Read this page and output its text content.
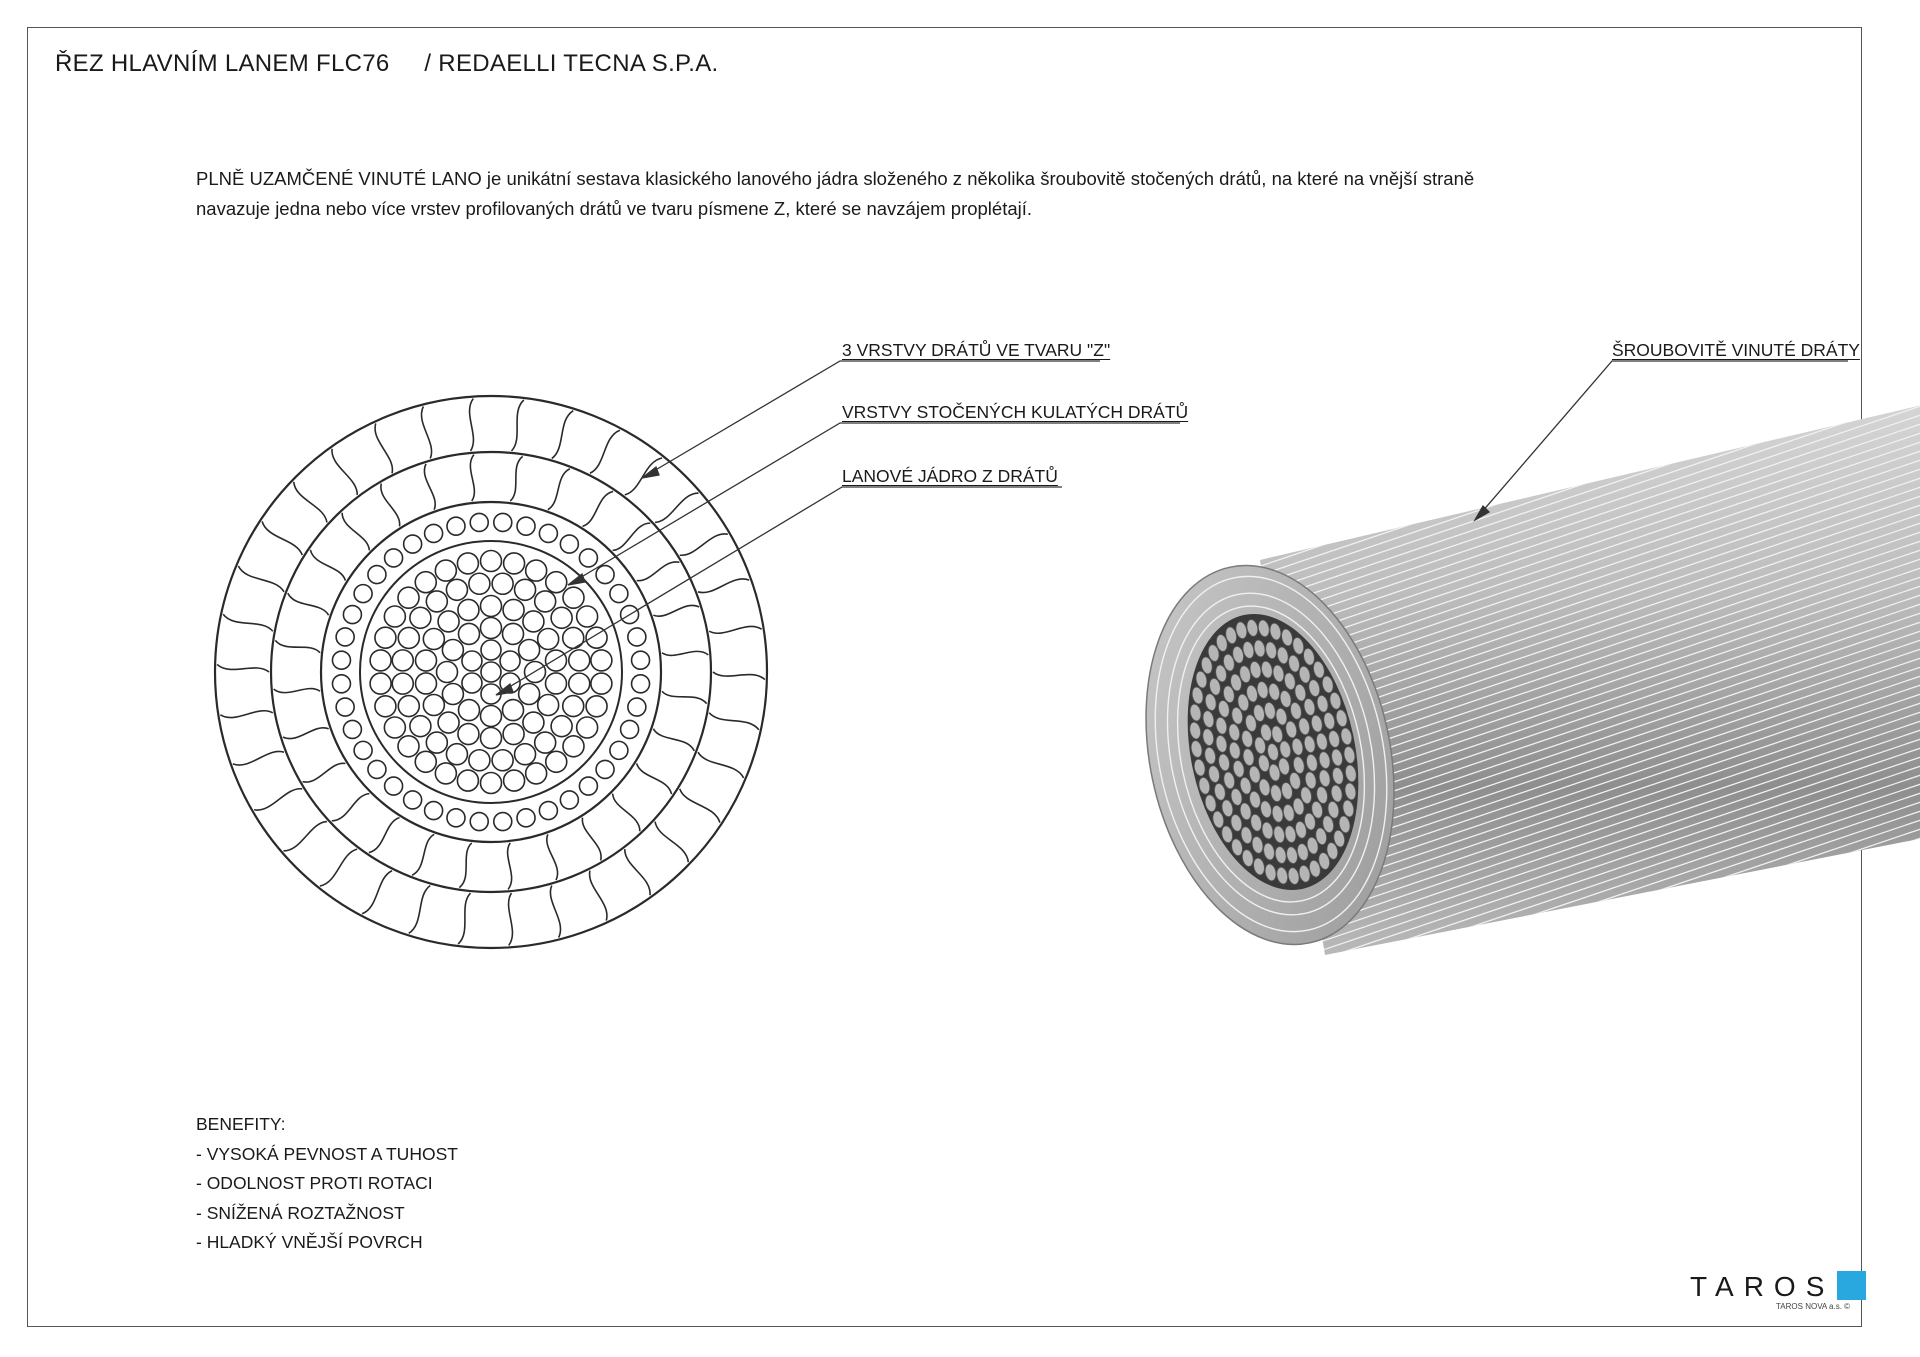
ŘEZ HLAVNÍM LANEM FLC76     / REDAELLI TECNA S.P.A.
PLNĚ UZAMČENÉ VINUTÉ LANO je unikátní sestava klasického lanového jádra složeného z několika šroubovitě stočených drátů, na které na vnější straně navazuje jedna nebo více vrstev profilovaných drátů ve tvaru písmene Z, které se navzájem proplétají.
3 VRSTVY DRÁTŮ VE TVARU "Z"
VRSTVY STOČENÝCH KULATÝCH DRÁTŮ
LANOVÉ JÁDRO Z DRÁTŮ
ŠROUBOVITĚ VINUTÉ DRÁTY
BENEFITY:
- VYSOKÁ PEVNOST A TUHOST
- ODOLNOST PROTI ROTACI
- SNÍŽENÁ ROZTAŽNOST
- HLADKÝ VNĚJŠÍ POVRCH
TAROS
TAROS NOVA a.s. ©
